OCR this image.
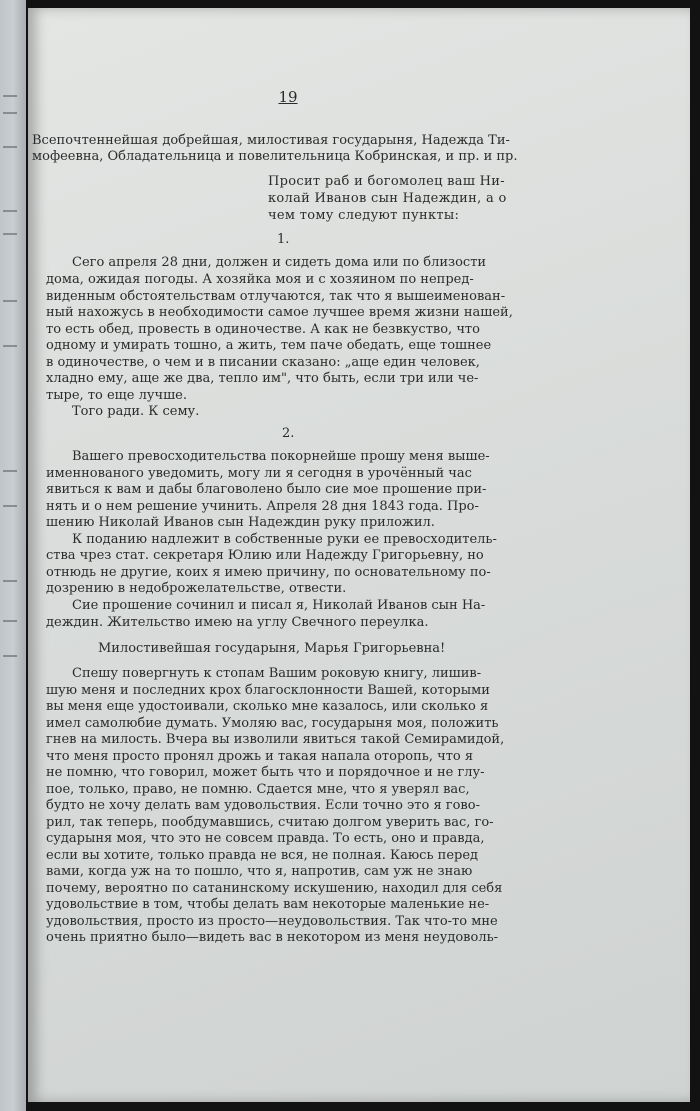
19
Всепочтеннейшая добрейшая, милостивая государыня, Надежда Ти-
мофеевна, Обладательница и повелительница Кобринская, и пр. и пр.
Просит раб и богомолец ваш Ни-
колай Иванов сын Надеждин, а о
чем тому следуют пункты:
1.
Сего апреля 28 дни, должен и сидеть дома или по близости
дома, ожидая погоды. А хозяйка моя и с хозяином по непред-
виденным обстоятельствам отлучаются, так что я вышеименован-
ный нахожусь в необходимости самое лучшее время жизни нашей,
то есть обед, провесть в одиночестве. А как не безвкуство, что
одному и умирать тошно, а жить, тем паче обедать, еще тошнее
в одиночестве, о чем и в писании сказано: „аще един человек,
хладно ему, аще же два, тепло им", что быть, если три или че-
тыре, то еще лучше.
Того ради. К сему.
2.
Вашего превосходительства покорнейше прошу меня выше-
именнованого уведомить, могу ли я сегодня в урочённый час
явиться к вам и дабы благоволено было сие мое прошение при-
нять и о нем решение учинить. Апреля 28 дня 1843 года. Про-
шению Николай Иванов сын Надеждин руку приложил.
К поданию надлежит в собственные руки ее превосходитель-
ства чрез стат. секретаря Юлию или Надежду Григорьевну, но
отнюдь не другие, коих я имею причину, по основательному по-
дозрению в недоброжелательстве, отвести.
Сие прошение сочинил и писал я, Николай Иванов сын На-
деждин. Жительство имею на углу Свечного переулка.
Милостивейшая государыня, Марья Григорьевна!
Спешу повергнуть к стопам Вашим роковую книгу, лишив-
шую меня и последних крох благосклонности Вашей, которыми
вы меня еще удостоивали, сколько мне казалось, или сколько я
имел самолюбие думать. Умоляю вас, государыня моя, положить
гнев на милость. Вчера вы изволили явиться такой Семирамидой,
что меня просто пронял дрожь и такая напала оторопь, что я
не помню, что говорил, может быть что и порядочное и не глу-
пое, только, право, не помню. Сдается мне, что я уверял вас,
будто не хочу делать вам удовольствия. Если точно это я гово-
рил, так теперь, пообдумавшись, считаю долгом уверить вас, го-
сударыня моя, что это не совсем правда. То есть, оно и правда,
если вы хотите, только правда не вся, не полная. Каюсь перед
вами, когда уж на то пошло, что я, напротив, сам уж не знаю
почему, вероятно по сатанинскому искушению, находил для себя
удовольствие в том, чтобы делать вам некоторые маленькие не-
удовольствия, просто из просто—неудовольствия. Так что-то мне
очень приятно было—видеть вас в некотором из меня неудоволь-
